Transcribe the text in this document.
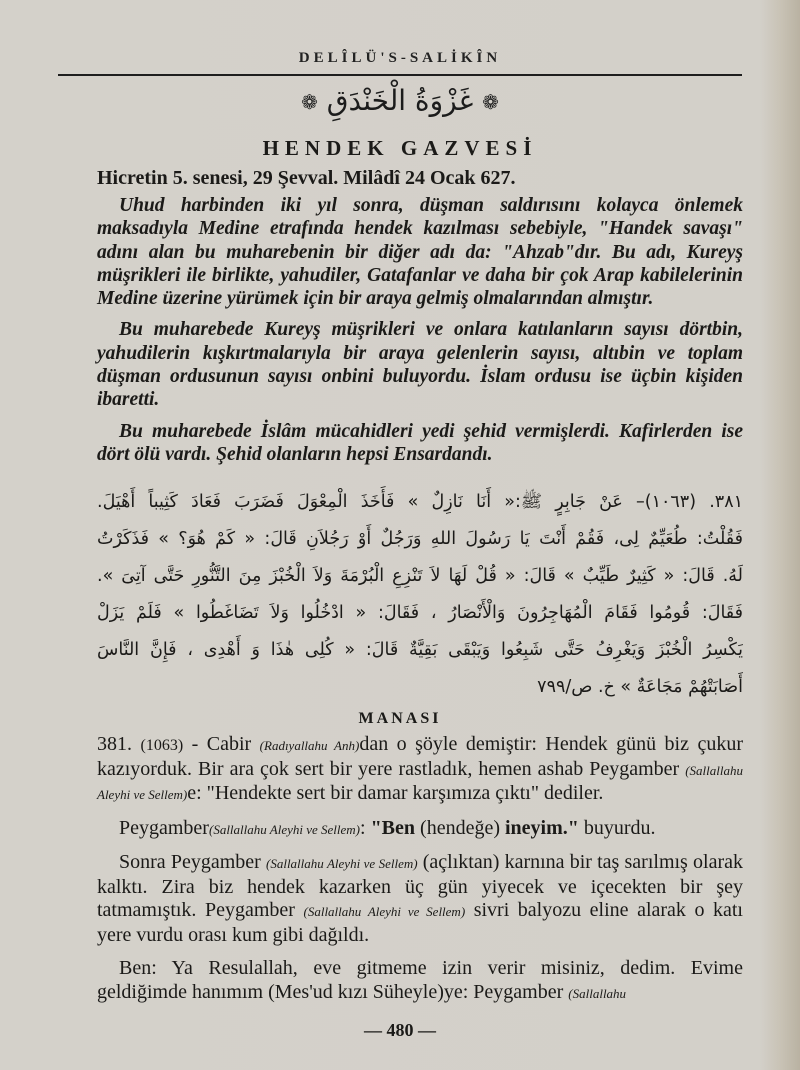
DELÎLÜ'S-SALİKÎN
❁ غَزْوَةُ الْخَنْدَقِ ❁
HENDEK GAZVESİ
Hicretin 5. senesi, 29 Şevval. Milâdî 24 Ocak 627.

Uhud harbinden iki yıl sonra, düşman saldırısını kolayca önlemek maksadıyla Medine etrafında hendek kazılması sebebiyle, "Handek savaşı" adını alan bu muharebenin bir diğer adı da: "Ahzab"dır. Bu adı, Kureyş müşrikleri ile birlikte, yahudiler, Gatafanlar ve daha bir çok Arap kabilelerinin Medine üzerine yürümek için bir araya gelmiş olmalarından almıştır.

Bu muharebede Kureyş müşrikleri ve onlara katılanların sayısı dörtbin, yahudilerin kışkırtmalarıyla bir araya gelenlerin sayısı, altıbin ve toplam düşman ordusunun sayısı onbini buluyordu. İslam ordusu ise üçbin kişiden ibaretti.

Bu muharebede İslâm mücahidleri yedi şehid vermişlerdi. Kafirlerden ise dört ölü vardı. Şehid olanların hepsi Ensardandı.

٣٨١. (١٠٦٣)– عَنْ جَابِرٍ ﷺ:« أَنَا نَازِلٌ » فَأَخَذَ الْمِعْوَلَ فَضَرَبَ فَعَادَ كَثِيباً أَهْيَلَ.
فَقُلْتُ: طُعَيِّمٌ لِى، فَقُمْ أَنْتَ يَا رَسُولَ اللهِ وَرَجُلٌ أَوْ رَجُلاَنِ قَالَ: « كَمْ هُوَ؟ » فَذَكَرْتُ
لَهُ. قَالَ: « كَثِيرٌ طَيِّبٌ » قَالَ: « قُلْ لَهَا لاَ تَنْزِعِ الْبُرْمَةَ وَلاَ الْخُبْزَ مِنَ التَّنُّورِ حَتَّى آتِىَ ».
فَقَالَ: قُومُوا فَقَامَ الْمُهَاجِرُونَ وَالْأَنْصَارُ ، فَقَالَ: « ادْخُلُوا وَلاَ تَضَاغَطُوا » فَلَمْ يَزَلْ
يَكْسِرُ الْخُبْزَ وَيَغْرِفُ حَتَّى شَبِعُوا وَيَبْقَى بَقِيَّةٌ قَالَ: « كُلِى هٰذَا وَ أَهْدِى ، فَإِنَّ النَّاسَ
أَصَابَتْهُمْ مَجَاعَةٌ » خ. ص/٧٩٩
MANASI

381. (1063) - Cabir (Radıyallahu Anh)dan o şöyle demiştir: Hendek günü biz çukur kazıyorduk. Bir ara çok sert bir yere rastladık, hemen ashab Peygamber (Sallallahu Aleyhi ve Sellem)e: "Hendekte sert bir damar karşımıza çıktı" dediler.

Peygamber(Sallallahu Aleyhi ve Sellem): "Ben (hendeğe) ineyim." buyurdu.

Sonra Peygamber (Sallallahu Aleyhi ve Sellem) (açlıktan) karnına bir taş sarılmış olarak kalktı. Zira biz hendek kazarken üç gün yiyecek ve içecekten bir şey tatmamıştık. Peygamber (Sallallahu Aleyhi ve Sellem) sivri balyozu eline alarak o katı yere vurdu orası kum gibi dağıldı.

Ben: Ya Resulallah, eve gitmeme izin verir misiniz, dedim. Evime geldiğimde hanımım (Mes'ud kızı Süheyle)ye: Peygamber (Sallallahu

— 480 —
